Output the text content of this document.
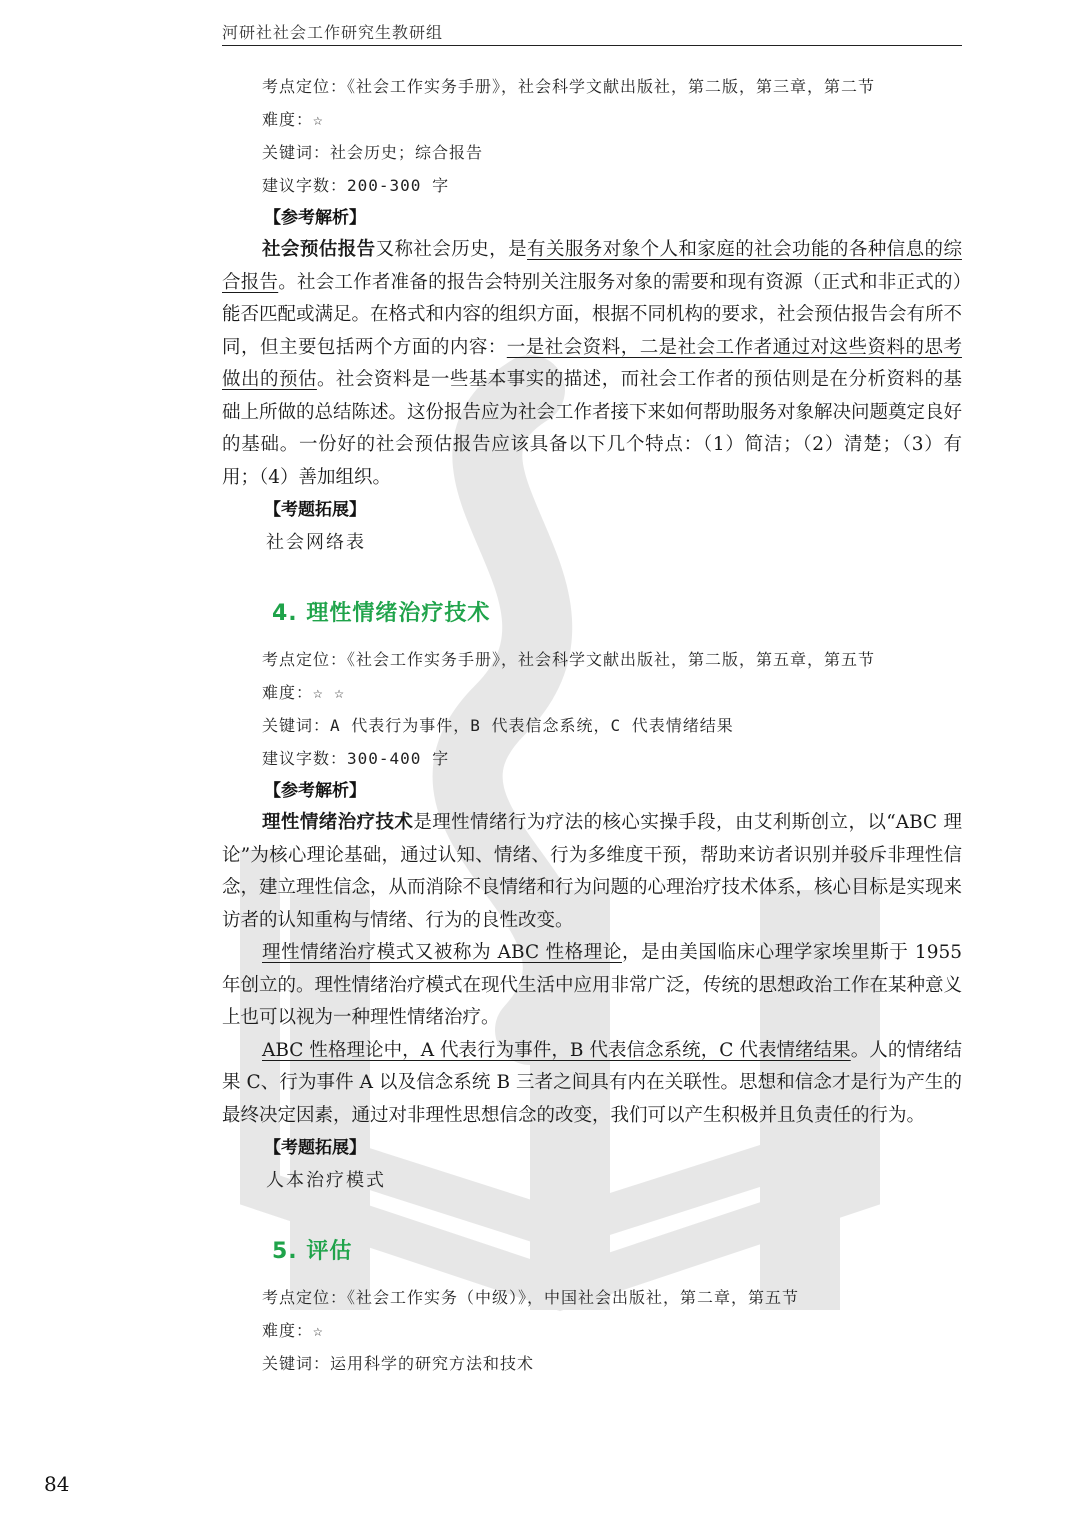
河研社社会工作研究生教研组
考点定位：《社会工作实务手册》，社会科学文献出版社，第二版，第三章，第二节
难度：☆
关键词：社会历史；综合报告
建议字数：200-300 字
【参考解析】

社会预估报告又称社会历史，是有关服务对象个人和家庭的社会功能的各种信息的综合报告。社会工作者准备的报告会特别关注服务对象的需要和现有资源（正式和非正式的）能否匹配或满足。在格式和内容的组织方面，根据不同机构的要求，社会预估报告会有所不同，但主要包括两个方面的内容：一是社会资料，二是社会工作者通过对这些资料的思考做出的预估。社会资料是一些基本事实的描述，而社会工作者的预估则是在分析资料的基础上所做的总结陈述。这份报告应为社会工作者接下来如何帮助服务对象解决问题奠定良好的基础。一份好的社会预估报告应该具备以下几个特点：（1）简洁；（2）清楚；（3）有用；（4）善加组织。

【考题拓展】
社会网络表
4. 理性情绪治疗技术
考点定位：《社会工作实务手册》，社会科学文献出版社，第二版，第五章，第五节
难度：☆ ☆
关键词：A 代表行为事件，B 代表信念系统，C 代表情绪结果
建议字数：300-400 字
【参考解析】

理性情绪治疗技术是理性情绪行为疗法的核心实操手段，由艾利斯创立，以“ABC 理论”为核心理论基础，通过认知、情绪、行为多维度干预，帮助来访者识别并驳斥非理性信念，建立理性信念，从而消除不良情绪和行为问题的心理治疗技术体系，核心目标是实现来访者的认知重构与情绪、行为的良性改变。

理性情绪治疗模式又被称为 ABC 性格理论，是由美国临床心理学家埃里斯于 1955 年创立的。理性情绪治疗模式在现代生活中应用非常广泛，传统的思想政治工作在某种意义上也可以视为一种理性情绪治疗。

ABC 性格理论中，A 代表行为事件，B 代表信念系统，C 代表情绪结果。人的情绪结果 C、行为事件 A 以及信念系统 B 三者之间具有内在关联性。思想和信念才是行为产生的最终决定因素，通过对非理性思想信念的改变，我们可以产生积极并且负责任的行为。

【考题拓展】
人本治疗模式
5. 评估
考点定位：《社会工作实务（中级）》，中国社会出版社，第二章，第五节
难度：☆
关键词：运用科学的研究方法和技术
84
